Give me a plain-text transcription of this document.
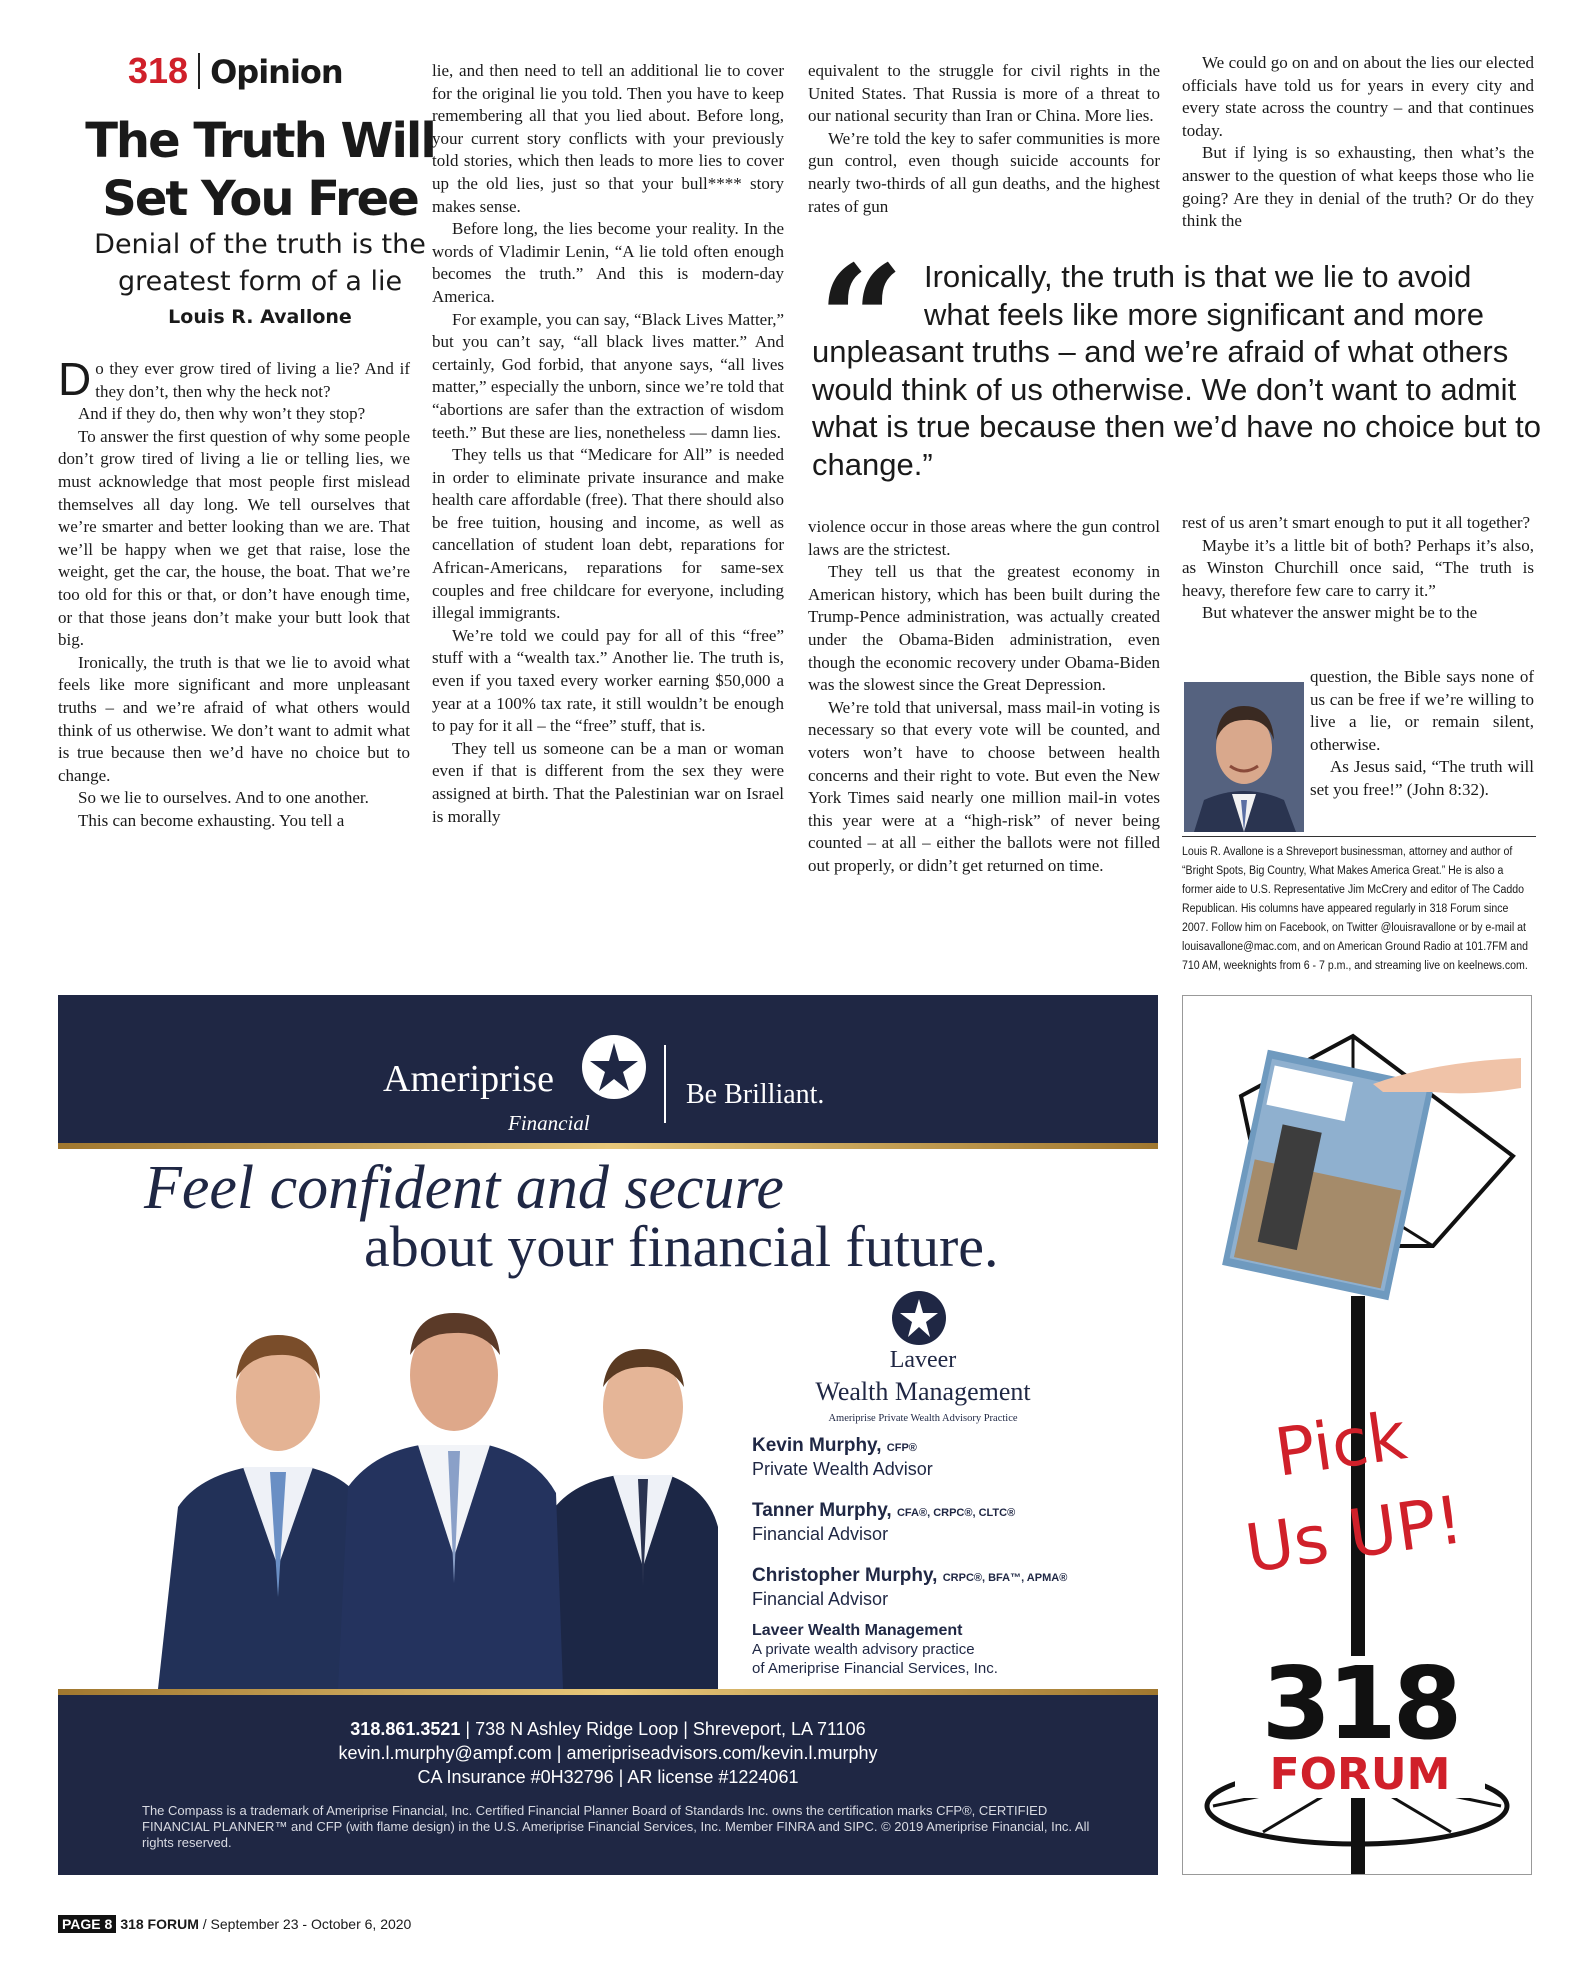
318 Opinion
The Truth Will
Set You Free
Denial of the truth is the
greatest form of a lie
Louis R. Avallone

Do they ever grow tired of living a lie? And if they don’t, then why the heck not?

And if they do, then why won’t they stop?

To answer the first question of why some people don’t grow tired of living a lie or telling lies, we must acknowledge that most people first mislead themselves all day long. We tell ourselves that we’re smarter and better looking than we are. That we’ll be happy when we get that raise, lose the weight, get the car, the house, the boat. That we’re too old for this or that, or don’t have enough time, or that those jeans don’t make your butt look that big.

Ironically, the truth is that we lie to avoid what feels like more significant and more unpleasant truths – and we’re afraid of what others would think of us otherwise. We don’t want to admit what is true because then we’d have no choice but to change.

So we lie to ourselves. And to one another.

This can become exhausting. You tell a

lie, and then need to tell an additional lie to cover for the original lie you told. Then you have to keep remembering all that you lied about. Before long, your current story conflicts with your previously told stories, which then leads to more lies to cover up the old lies, just so that your bull**** story makes sense.

Before long, the lies become your reality. In the words of Vladimir Lenin, “A lie told often enough becomes the truth.” And this is modern-day America.

For example, you can say, “Black Lives Matter,” but you can’t say, “all black lives matter.” And certainly, God forbid, that anyone says, “all lives matter,” especially the unborn, since we’re told that “abortions are safer than the extraction of wisdom teeth.” But these are lies, nonetheless — damn lies.

They tells us that “Medicare for All” is needed in order to eliminate private insurance and make health care affordable (free). That there should also be free tuition, housing and income, as well as cancellation of student loan debt, reparations for African-Americans, reparations for same-sex couples and free childcare for everyone, including illegal immigrants.

We’re told we could pay for all of this “free” stuff with a “wealth tax.” Another lie. The truth is, even if you taxed every worker earning $50,000 a year at a 100% tax rate, it still wouldn’t be enough to pay for it all – the “free” stuff, that is.

They tell us someone can be a man or woman even if that is different from the sex they were assigned at birth. That the Palestinian war on Israel is morally

equivalent to the struggle for civil rights in the United States. That Russia is more of a threat to our national security than Iran or China. More lies.

We’re told the key to safer communities is more gun control, even though suicide accounts for nearly two-thirds of all gun deaths, and the highest rates of gun

violence occur in those areas where the gun control laws are the strictest.

They tell us that the greatest economy in American history, which has been built during the Trump-Pence administration, was actually created under the Obama-Biden administration, even though the economic recovery under Obama-Biden was the slowest since the Great Depression.

We’re told that universal, mass mail-in voting is necessary so that every vote will be counted, and voters won’t have to choose between health concerns and their right to vote. But even the New York Times said nearly one million mail-in votes this year were at a “high-risk” of never being counted – at all – either the ballots were not filled out properly, or didn’t get returned on time.

We could go on and on about the lies our elected officials have told us for years in every city and every state across the country – and that continues today.

But if lying is so exhausting, then what’s the answer to the question of what keeps those who lie going? Are they in denial of the truth? Or do they think the

rest of us aren’t smart enough to put it all together?

Maybe it’s a little bit of both? Perhaps it’s also, as Winston Churchill once said, “The truth is heavy, therefore few care to carry it.”

But whatever the answer might be to the

question, the Bible says none of us can be free if we’re willing to live a lie, or remain silent, otherwise.

As Jesus said, “The truth will set you free!” (John 8:32).

Louis R. Avallone is a Shreveport businessman, attorney and author of “Bright Spots, Big Country, What Makes America Great.” He is also a former aide to U.S. Representative Jim McCrery and editor of The Caddo Republican. His columns have appeared regularly in 318 Forum since 2007. Follow him on Facebook, on Twitter @louisravallone or by e-mail at louisavallone@mac.com, and on American Ground Radio at 101.7FM and 710 AM, weeknights from 6 - 7 p.m., and streaming live on keelnews.com.
“ Ironically, the truth is that we lie to avoid
what feels like more significant and more
unpleasant truths – and we’re afraid of what others would think of us otherwise. We don’t want to admit what is true because then we’d have no choice but to change.”
Ameriprise
Financial
Be Brilliant.
Feel confident and secure
about your financial future.
Laveer
Wealth Management
Ameriprise Private Wealth Advisory Practice
Kevin Murphy, CFP®
Private Wealth Advisor
Tanner Murphy, CFA®, CRPC®, CLTC®
Financial Advisor
Christopher Murphy, CRPC®, BFA™, APMA®
Financial Advisor
Laveer Wealth Management
A private wealth advisory practice
of Ameriprise Financial Services, Inc.
318.861.3521 | 738 N Ashley Ridge Loop | Shreveport, LA 71106
kevin.l.murphy@ampf.com | ameripriseadvisors.com/kevin.l.murphy
CA Insurance #0H32796 | AR license #1224061
The Compass is a trademark of Ameriprise Financial, Inc. Certified Financial Planner Board of Standards Inc. owns the certification marks CFP®, CERTIFIED FINANCIAL PLANNER™ and CFP (with flame design) in the U.S. Ameriprise Financial Services, Inc. Member FINRA and SIPC. © 2019 Ameriprise Financial, Inc. All rights reserved.
Pick
Us UP!
318
FORUM
PAGE 8 318 FORUM / September 23 - October 6, 2020
